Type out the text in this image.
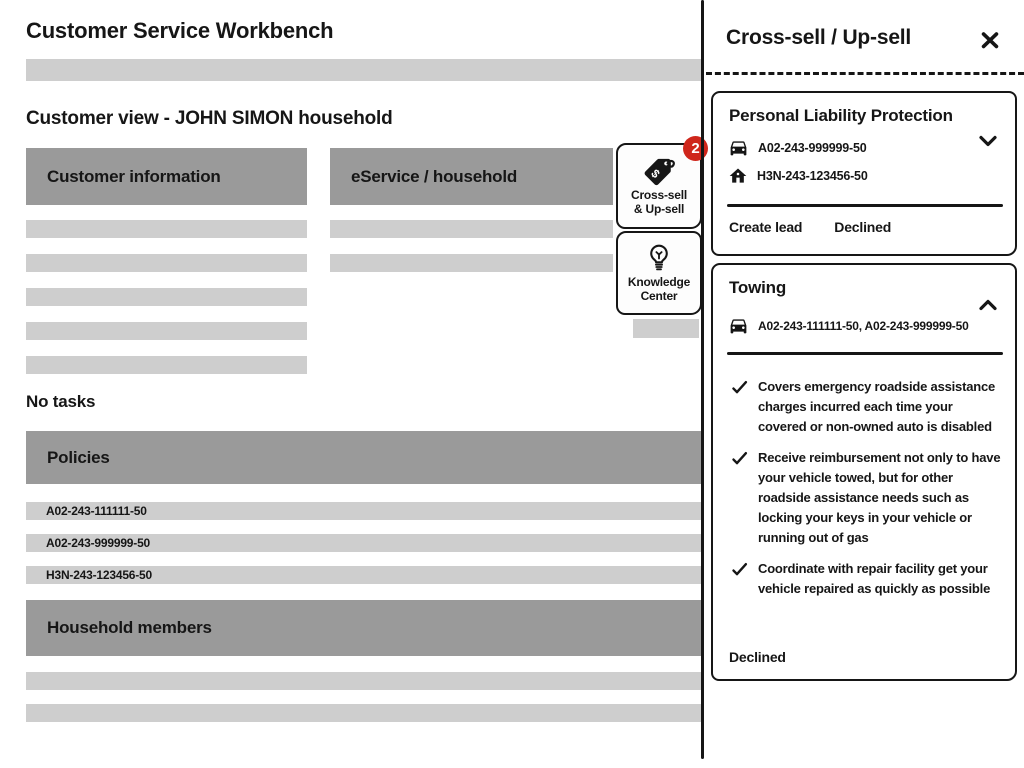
Customer Service Workbench
Customer view - JOHN SIMON household
Customer information	eService / household
2
$
Cross-sell
& Up-sell
Knowledge
Center
No tasks
Policies
A02-243-111111-50
A02-243-999999-50
H3N-243-123456-50
Household members
Cross-sell / Up-sell
Personal Liability Protection
A02-243-999999-50
H3N-243-123456-50
Create lead Declined
Towing
A02-243-111111-50, A02-243-999999-50
Covers emergency roadside assistance charges incurred each time your covered or non-owned auto is disabled
Receive reimbursement not only to have your vehicle towed, but for other roadside assistance needs such as locking your keys in your vehicle or running out of gas
Coordinate with repair facility get your vehicle repaired as quickly as possible
Declined
